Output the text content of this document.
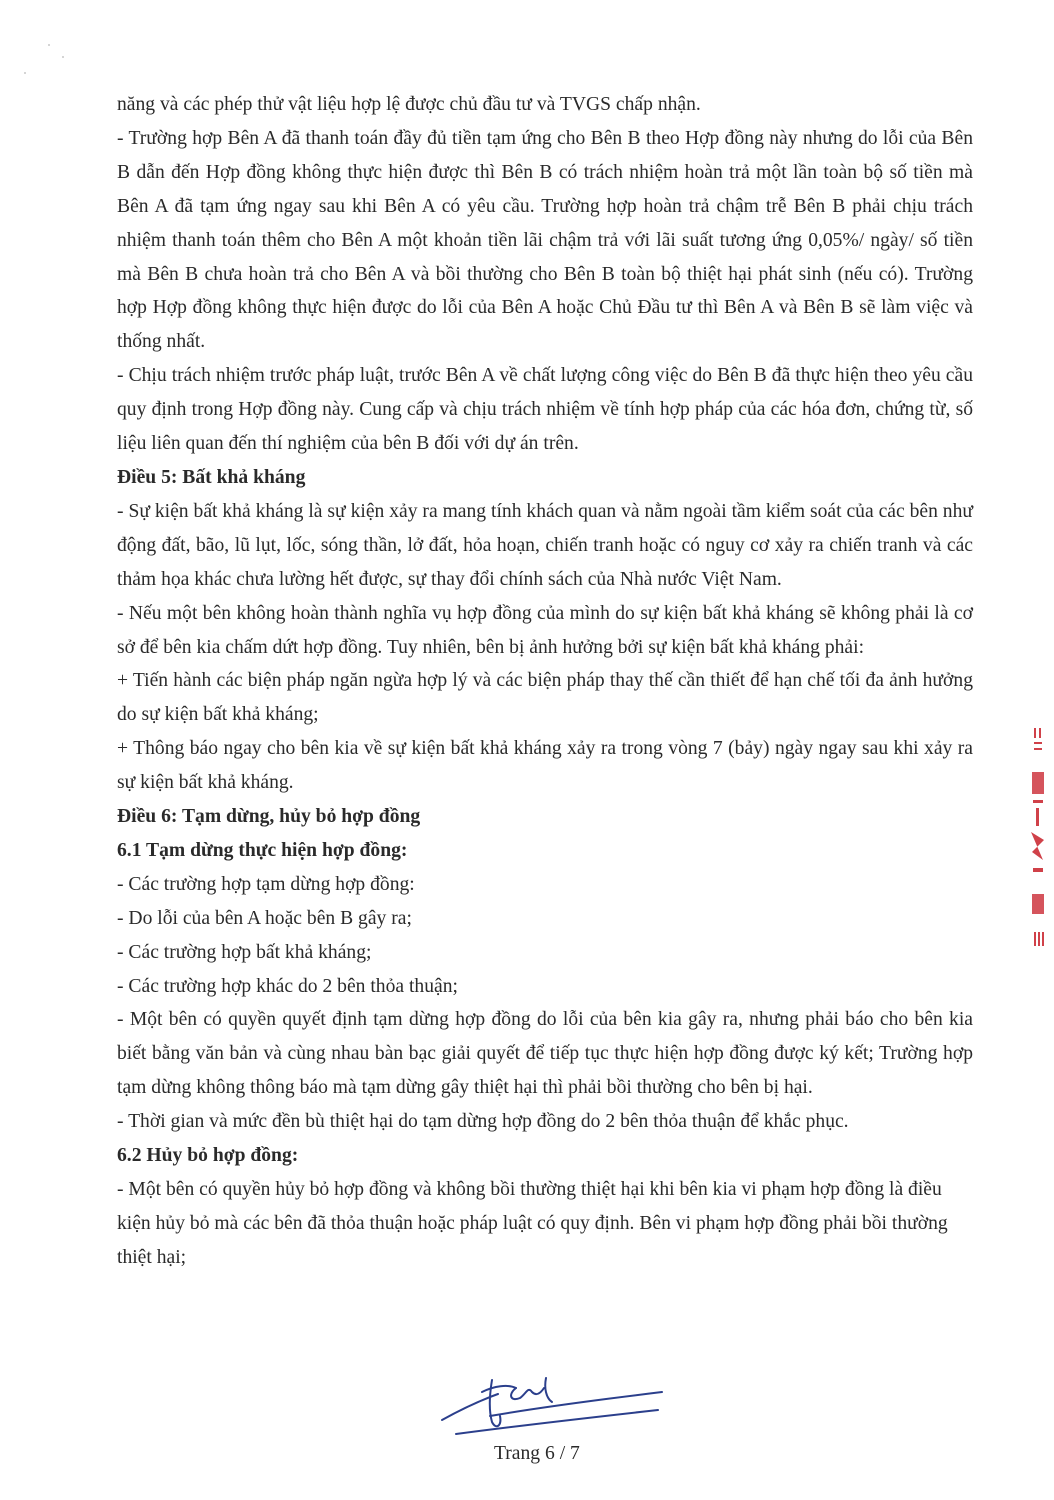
năng và các phép thử vật liệu hợp lệ được chủ đầu tư và TVGS chấp nhận.

- Trường hợp Bên A đã thanh toán đầy đủ tiền tạm ứng cho Bên B theo Hợp đồng này nhưng do lỗi của Bên B dẫn đến Hợp đồng không thực hiện được thì Bên B có trách nhiệm hoàn trả một lần toàn bộ số tiền mà Bên A đã tạm ứng ngay sau khi Bên A có yêu cầu. Trường hợp hoàn trả chậm trễ Bên B phải chịu trách nhiệm thanh toán thêm cho Bên A một khoản tiền lãi chậm trả với lãi suất tương ứng 0,05%/ ngày/ số tiền mà Bên B chưa hoàn trả cho Bên A và bồi thường cho Bên B toàn bộ thiệt hại phát sinh (nếu có). Trường hợp Hợp đồng không thực hiện được do lỗi của Bên A hoặc Chủ Đầu tư thì Bên A và Bên B sẽ làm việc và thống nhất.

- Chịu trách nhiệm trước pháp luật, trước Bên A về chất lượng công việc do Bên B đã thực hiện theo yêu cầu quy định trong Hợp đồng này. Cung cấp và chịu trách nhiệm về tính hợp pháp của các hóa đơn, chứng từ, số liệu liên quan đến thí nghiệm của bên B đối với dự án trên.

Điều 5: Bất khả kháng

- Sự kiện bất khả kháng là sự kiện xảy ra mang tính khách quan và nằm ngoài tầm kiểm soát của các bên như động đất, bão, lũ lụt, lốc, sóng thần, lở đất, hỏa hoạn, chiến tranh hoặc có nguy cơ xảy ra chiến tranh và các thảm họa khác chưa lường hết được, sự thay đổi chính sách của Nhà nước Việt Nam.

- Nếu một bên không hoàn thành nghĩa vụ hợp đồng của mình do sự kiện bất khả kháng sẽ không phải là cơ sở để bên kia chấm dứt hợp đồng. Tuy nhiên, bên bị ảnh hưởng bởi sự kiện bất khả kháng phải:

+ Tiến hành các biện pháp ngăn ngừa hợp lý và các biện pháp thay thế cần thiết để hạn chế tối đa ảnh hưởng do sự kiện bất khả kháng;

+ Thông báo ngay cho bên kia về sự kiện bất khả kháng xảy ra trong vòng 7 (bảy) ngày ngay sau khi xảy ra sự kiện bất khả kháng.

Điều 6: Tạm dừng, hủy bỏ hợp đồng

6.1 Tạm dừng thực hiện hợp đồng:

- Các trường hợp tạm dừng hợp đồng:

- Do lỗi của bên A hoặc bên B gây ra;

- Các trường hợp bất khả kháng;

- Các trường hợp khác do 2 bên thỏa thuận;

- Một bên có quyền quyết định tạm dừng hợp đồng do lỗi của bên kia gây ra, nhưng phải báo cho bên kia biết bằng văn bản và cùng nhau bàn bạc giải quyết để tiếp tục thực hiện hợp đồng được ký kết; Trường hợp tạm dừng không thông báo mà tạm dừng gây thiệt hại thì phải bồi thường cho bên bị hại.

- Thời gian và mức đền bù thiệt hại do tạm dừng hợp đồng do 2 bên thỏa thuận để khắc phục.

6.2 Hủy bỏ hợp đồng:

- Một bên có quyền hủy bỏ hợp đồng và không bồi thường thiệt hại khi bên kia vi phạm hợp đồng là điều kiện hủy bỏ mà các bên đã thỏa thuận hoặc pháp luật có quy định. Bên vi phạm hợp đồng phải bồi thường thiệt hại;

Trang 6 / 7
